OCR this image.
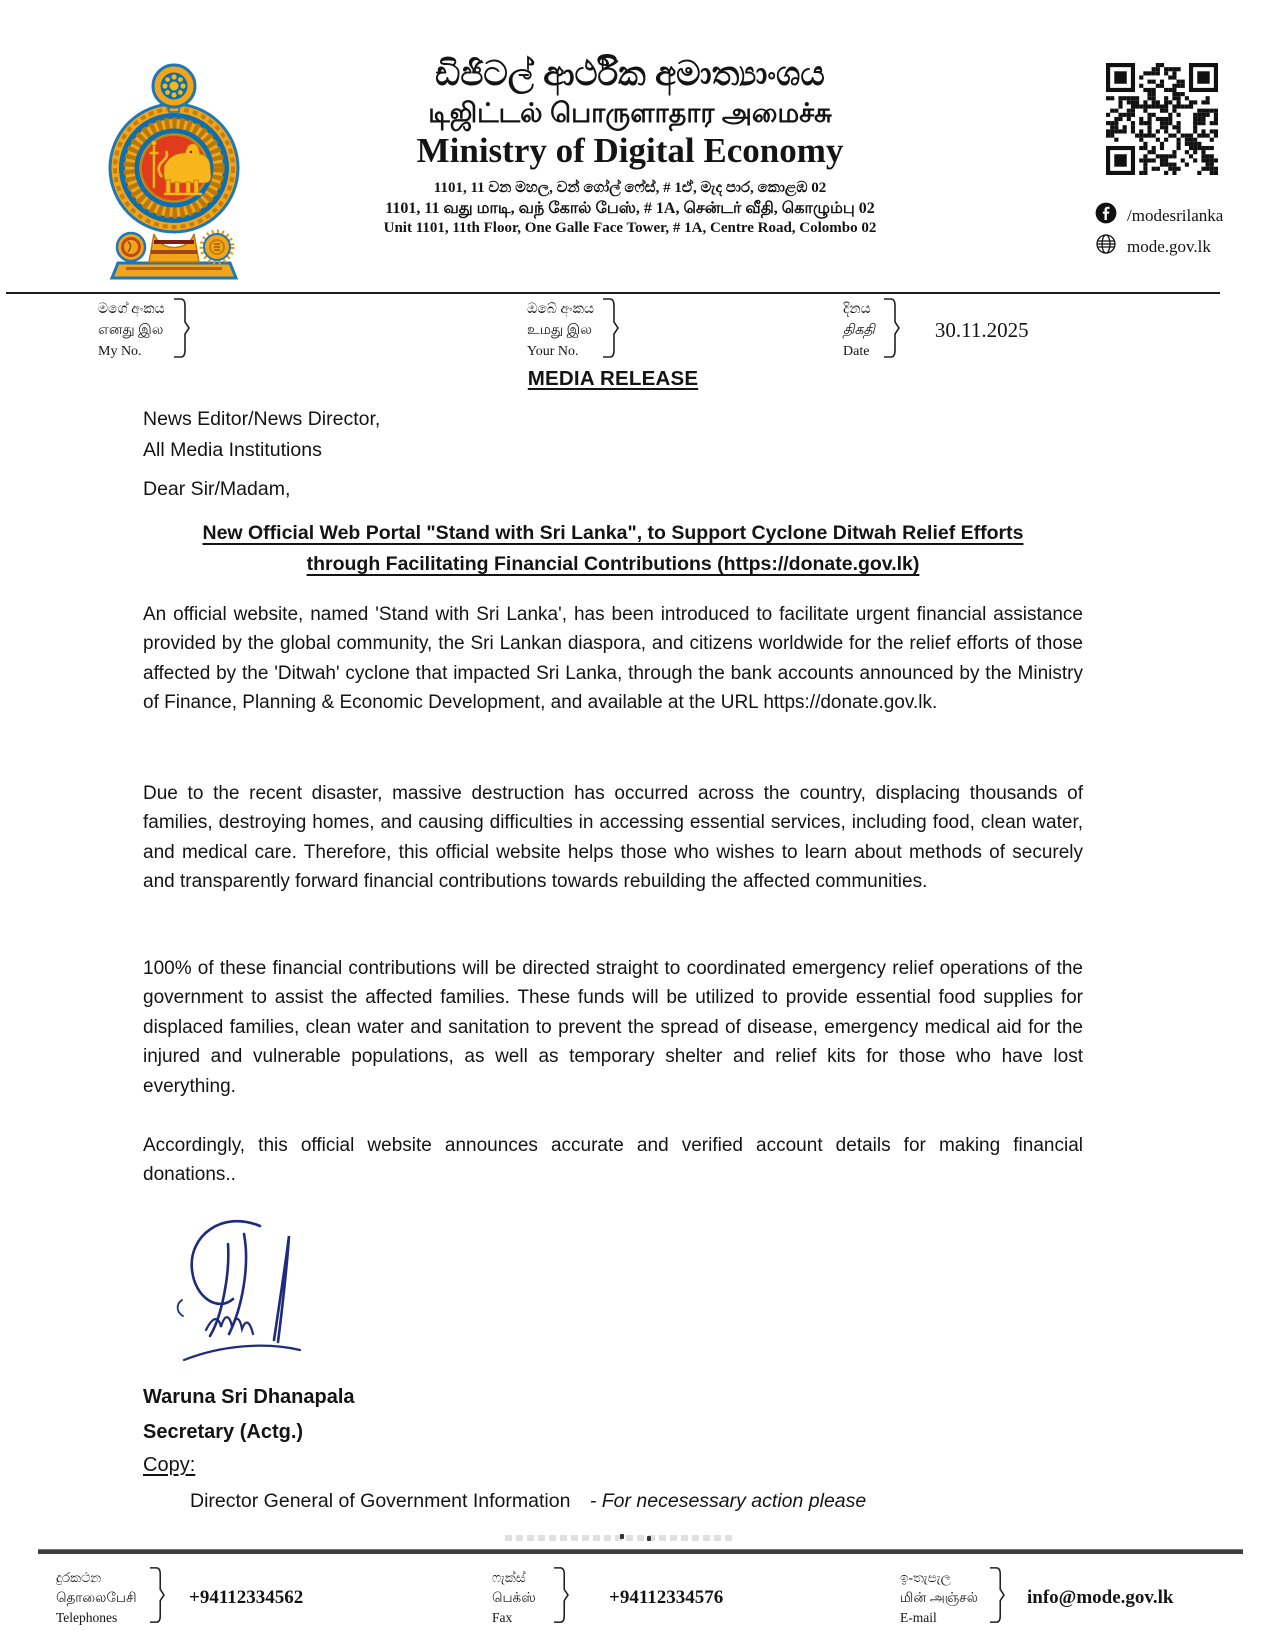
ඩිජිටල් ආර්ථික අමාත්‍යාංශය
டிஜிட்டல் பொருளாதார அமைச்சு
Ministry of Digital Economy
1101, 11 වන මහල, වන් ගෝල් ෆේස්, # 1ඒ, මැද පාර, කොළඹ 02
1101, 11 வது மாடி, வந் கோல் பேஸ், # 1A, சென்டர் வீதி, கொழும்பு 02
Unit 1101, 11th Floor, One Galle Face Tower, # 1A, Centre Road, Colombo 02
/modesrilanka
mode.gov.lk
මගේ අංකය
எனது இல
My No.
ඔබේ අංකය
உமது இல
Your No.
දිනය
திகதி
Date
30.11.2025
MEDIA RELEASE
News Editor/News Director,
All Media Institutions
Dear Sir/Madam,
New Official Web Portal "Stand with Sri Lanka", to Support Cyclone Ditwah Relief Efforts
through Facilitating Financial Contributions (https://donate.gov.lk)
An official website, named 'Stand with Sri Lanka', has been introduced to facilitate urgent financial assistance provided by the global community, the Sri Lankan diaspora, and citizens worldwide for the relief efforts of those affected by the 'Ditwah' cyclone that impacted Sri Lanka, through the bank accounts announced by the Ministry of Finance, Planning & Economic Development, and available at the URL https://donate.gov.lk.
Due to the recent disaster, massive destruction has occurred across the country, displacing thousands of families, destroying homes, and causing difficulties in accessing essential services, including food, clean water, and medical care. Therefore, this official website helps those who wishes to learn about methods of securely and transparently forward financial contributions towards rebuilding the affected communities.
100% of these financial contributions will be directed straight to coordinated emergency relief operations of the government to assist the affected families. These funds will be utilized to provide essential food supplies for displaced families, clean water and sanitation to prevent the spread of disease, emergency medical aid for the injured and vulnerable populations, as well as temporary shelter and relief kits for those who have lost everything.
Accordingly, this official website announces accurate and verified account details for making financial donations..
Waruna Sri Dhanapala
Secretary (Actg.)
Copy:
Director General of Government Information - For necesessary action please
දුරකථන
தொலைபேசி
Telephones
+94112334562
ෆැක්ස්
பெக்ஸ்
Fax
+94112334576
ඉ-තැපැල
மின் அஞ்சல்
E-mail
info@mode.gov.lk
